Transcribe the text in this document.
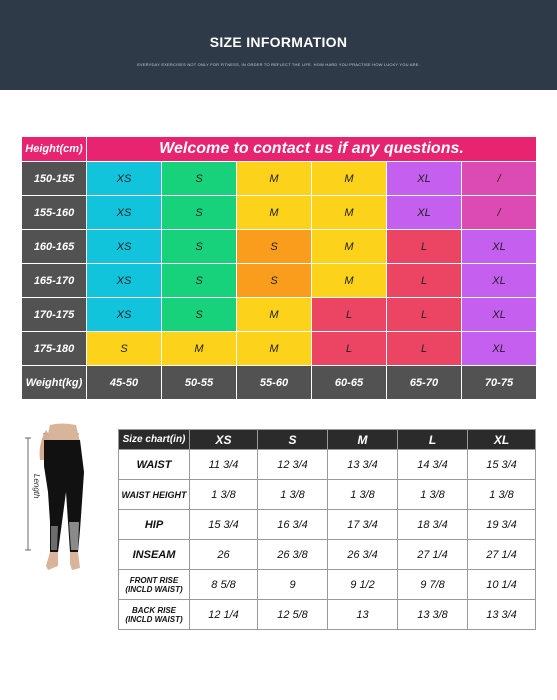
SIZE INFORMATION
EVERYDAY EXERCISES NOT ONLY FOR FITNESS, IN ORDER TO REFLECT THE LIFE. HOW HARD YOU PRACTISE HOW LUCKY YOU ARE.
Height(cm)	Welcome to contact us if any questions.					
150-155	XS	S	M	M	XL	/
155-160	XS	S	M	M	XL	/
160-165	XS	S	S	M	L	XL
165-170	XS	S	S	M	L	XL
170-175	XS	S	M	L	L	XL
175-180	S	M	M	L	L	XL
Weight(kg)	45-50	50-55	55-60	60-65	65-70	70-75
Length
Size chart(in)	XS	S	M	L	XL
WAIST	11 3/4	12 3/4	13 3/4	14 3/4	15 3/4
WAIST HEIGHT	1 3/8	1 3/8	1 3/8	1 3/8	1 3/8
HIP	15 3/4	16 3/4	17 3/4	18 3/4	19 3/4
INSEAM	26	26 3/8	26 3/4	27 1/4	27 1/4
FRONT RISE
(INCLD WAIST)	8 5/8	9	9 1/2	9 7/8	10 1/4
BACK RISE
(INCLD WAIST)	12 1/4	12 5/8	13	13 3/8	13 3/4
